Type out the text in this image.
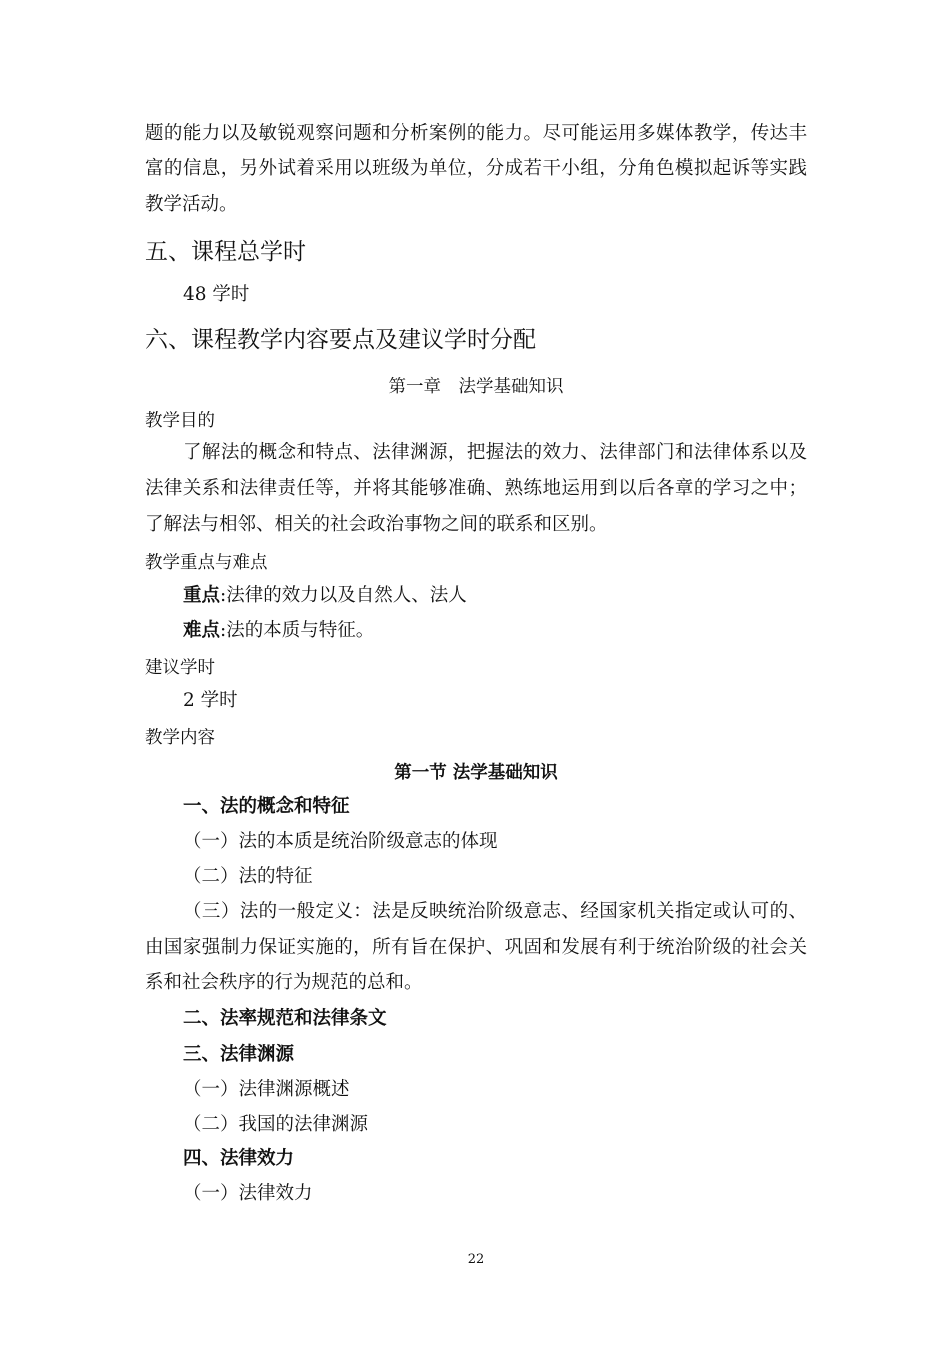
题的能力以及敏锐观察问题和分析案例的能力。尽可能运用多媒体教学，传达丰
富的信息，另外试着采用以班级为单位，分成若干小组，分角色模拟起诉等实践
教学活动。
五、课程总学时
48 学时
六、课程教学内容要点及建议学时分配
第一章　法学基础知识
教学目的
了解法的概念和特点、法律渊源，把握法的效力、法律部门和法律体系以及
法律关系和法律责任等，并将其能够准确、熟练地运用到以后各章的学习之中；
了解法与相邻、相关的社会政治事物之间的联系和区别。
教学重点与难点
重点:法律的效力以及自然人、法人
难点:法的本质与特征。
建议学时
2 学时
教学内容
第一节 法学基础知识
一、法的概念和特征
（一）法的本质是统治阶级意志的体现
（二）法的特征
（三）法的一般定义：法是反映统治阶级意志、经国家机关指定或认可的、
由国家强制力保证实施的，所有旨在保护、巩固和发展有利于统治阶级的社会关
系和社会秩序的行为规范的总和。
二、法率规范和法律条文
三、法律渊源
（一）法律渊源概述
（二）我国的法律渊源
四、法律效力
（一）法律效力
22
